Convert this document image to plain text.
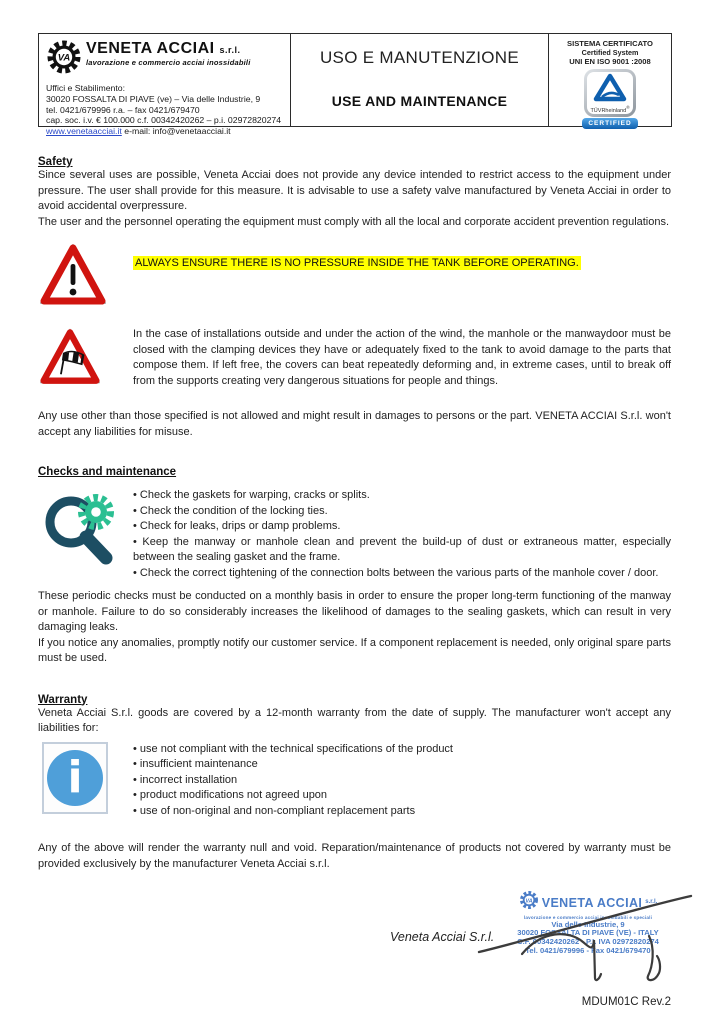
VA
VENETA ACCIAI s.r.l.
lavorazione e commercio acciai inossidabili
Uffici e Stabilimento:
30020 FOSSALTA DI PIAVE (ve) – Via delle Industrie, 9
tel. 0421/679996 r.a. – fax 0421/679470
cap. soc. i.v. € 100.000 c.f. 00342420262 – p.i. 02972820274
www.venetaacciai.it e-mail: info@venetaacciai.it
USO E MANUTENZIONE
USE AND MAINTENANCE
SISTEMA CERTIFICATO
Certified System
UNI EN ISO 9001 :2008
TÜVRheinland®
CERTIFIED
Safety

Since several uses are possible, Veneta Acciai does not provide any device intended to restrict access to the equipment under pressure. The user shall provide for this measure. It is advisable to use a safety valve manufactured by Veneta Acciai in order to avoid accidental overpressure.

The user and the personnel operating the equipment must comply with all the local and corporate accident prevention regulations.

ALWAYS ENSURE THERE IS NO PRESSURE INSIDE THE TANK BEFORE OPERATING.

In the case of installations outside and under the action of the wind, the manhole or the manwaydoor must be closed with the clamping devices they have or adequately fixed to the tank to avoid damage to the parts that compose them. If left free, the covers can beat repeatedly deforming and, in extreme cases, until to break off from the supports creating very dangerous situations for people and things.

Any use other than those specified is not allowed and might result in damages to persons or the part. VENETA ACCIAI S.r.l. won't accept any liabilities for misuse.

Checks and maintenance
• Check the gaskets for warping, cracks or splits.
• Check the condition of the locking ties.
• Check for leaks, drips or damp problems.
• Keep the manway or manhole clean and prevent the build-up of dust or extraneous matter, especially between the sealing gasket and the frame.
• Check the correct tightening of the connection bolts between the various parts of the manhole cover / door.

These periodic checks must be conducted on a monthly basis in order to ensure the proper long-term functioning of the manway or manhole. Failure to do so considerably increases the likelihood of damages to the sealing gaskets, which can result in very damaging leaks.

If you notice any anomalies, promptly notify our customer service. If a component replacement is needed, only original spare parts must be used.

Warranty

Veneta Acciai S.r.l. goods are covered by a 12-month warranty from the date of supply. The manufacturer won't accept any liabilities for:

i
• use not compliant with the technical specifications of the product
• insufficient maintenance
• incorrect installation
• product modifications not agreed upon
• use of non-original and non-compliant replacement parts

Any of the above will render the warranty null and void. Reparation/maintenance of products not covered by warranty must be provided exclusively by the manufacturer Veneta Acciai s.r.l.

Veneta Acciai S.r.l.
VA VENETA ACCIAI s.r.l.
lavorazione e commercio acciai inossidabili e speciali
Via delle Industrie, 9
30020 FOSSALTA DI PIAVE (VE) - ITALY
C.F. 00342420262 - P.I. IVA 02972820274
Tel. 0421/679996 - Fax 0421/679470
MDUM01C Rev.2
